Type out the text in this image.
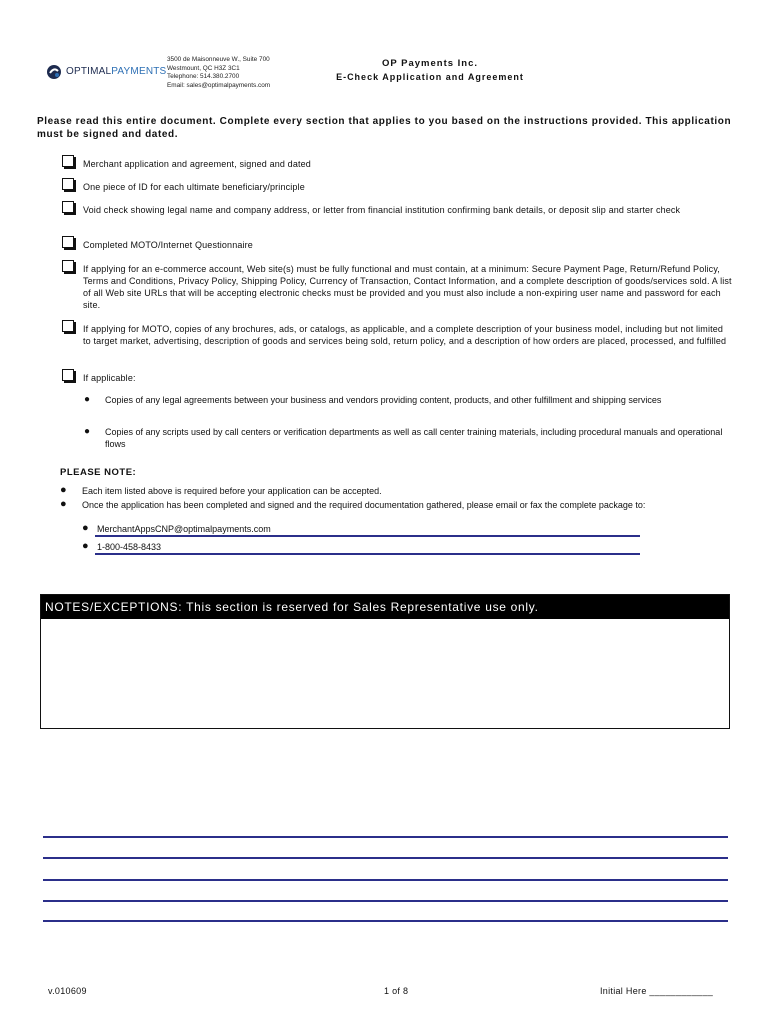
OPTIMALPAYMENTS
3500 de Maisonneuve W., Suite 700
Westmount, QC H3Z 3C1
Telephone: 514.380.2700
Email: sales@optimalpayments.com
OP Payments Inc.
E-Check Application and Agreement
Please read this entire document. Complete every section that applies to you based on the instructions provided. This application must be signed and dated.
Merchant application and agreement, signed and dated
One piece of ID for each ultimate beneficiary/principle
Void check showing legal name and company address, or letter from financial institution confirming bank details, or deposit slip and starter check
Completed MOTO/Internet Questionnaire
If applying for an e-commerce account, Web site(s) must be fully functional and must contain, at a minimum: Secure Payment Page, Return/Refund Policy, Terms and Conditions, Privacy Policy, Shipping Policy, Currency of Transaction, Contact Information, and a complete description of goods/services sold. A list of all Web site URLs that will be accepting electronic checks must be provided and you must also include a non-expiring user name and password for each site.
If applying for MOTO, copies of any brochures, ads, or catalogs, as applicable, and a complete description of your business model, including but not limited to target market, advertising, description of goods and services being sold, return policy, and a description of how orders are placed, processed, and fulfilled
If applicable:
● Copies of any legal agreements between your business and vendors providing content, products, and other fulfillment and shipping services
● Copies of any scripts used by call centers or verification departments as well as call center training materials, including procedural manuals and operational flows
PLEASE NOTE:
● Each item listed above is required before your application can be accepted.
● Once the application has been completed and signed and the required documentation gathered, please email or fax the complete package to:
● MerchantAppsCNP@optimalpayments.com
● 1-800-458-8433
NOTES/EXCEPTIONS: This section is reserved for Sales Representative use only.
v.010609	1 of 8	Initial Here ____________
